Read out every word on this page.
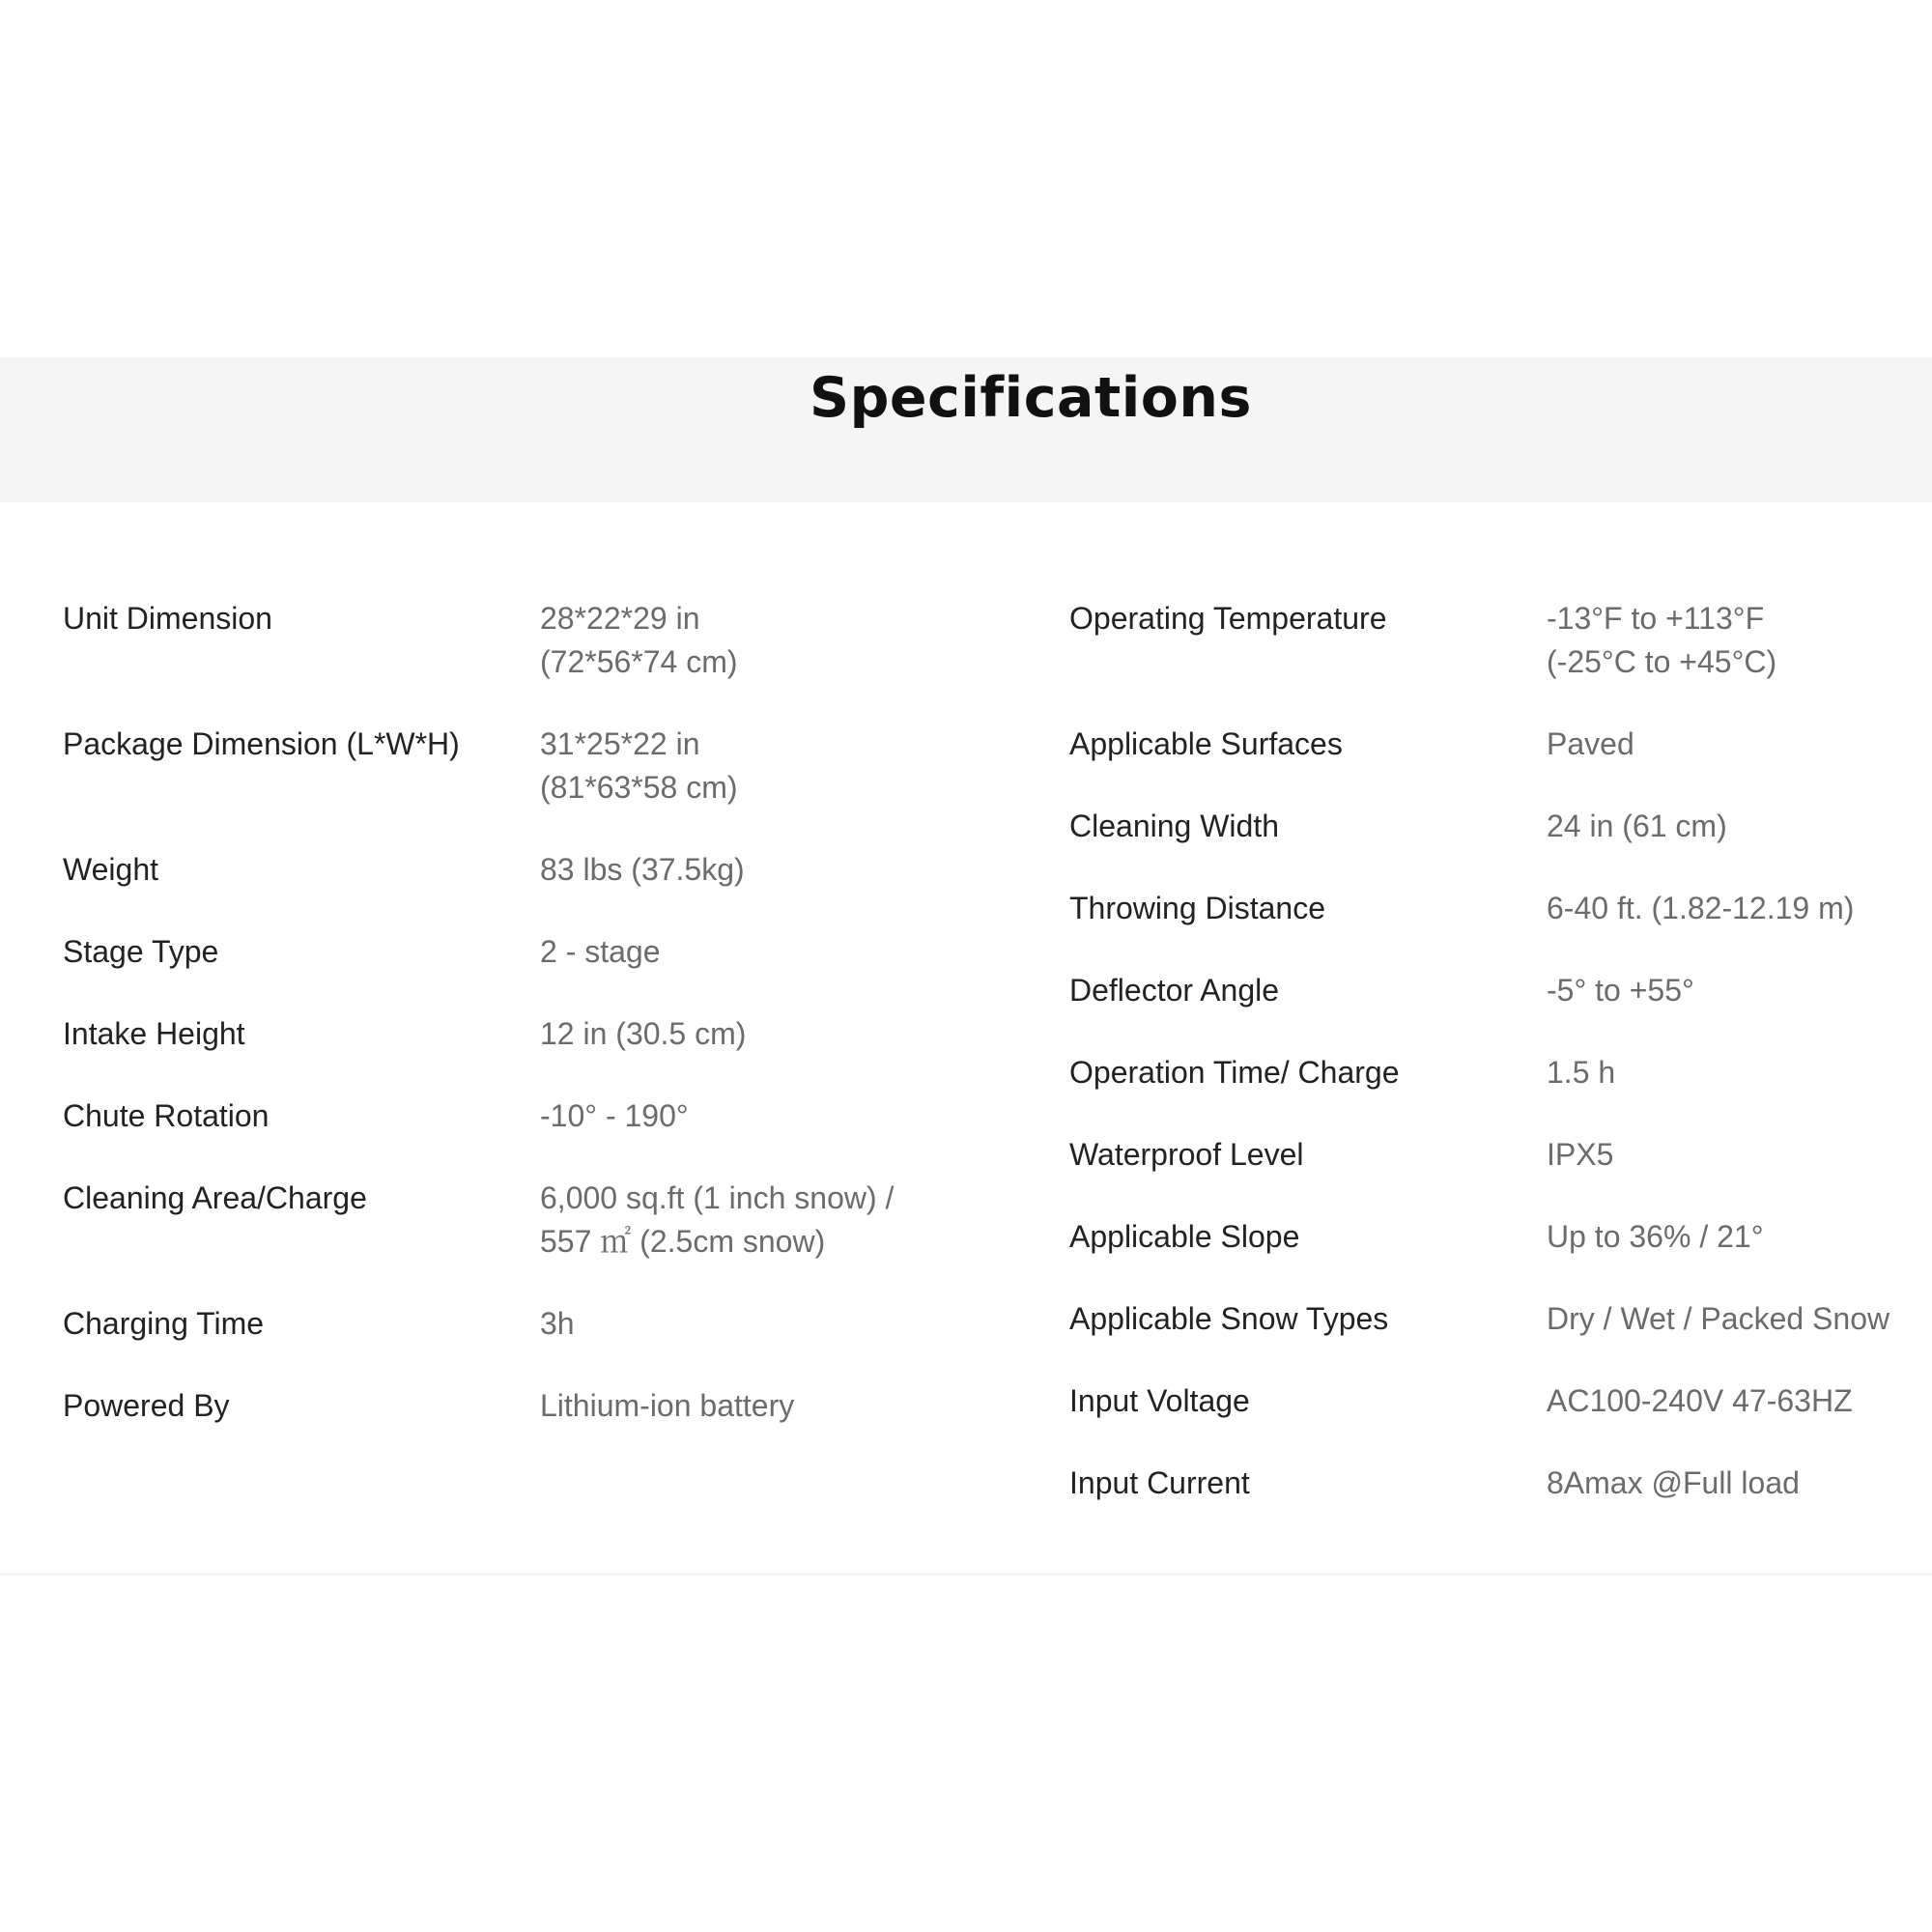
Specifications
Unit Dimension	28*22*29 in
(72*56*74 cm)
Package Dimension (L*W*H)	31*25*22 in
(81*63*58 cm)
Weight	83 lbs (37.5kg)
Stage Type	2 - stage
Intake Height	12 in (30.5 cm)
Chute Rotation	-10° - 190°
Cleaning Area/Charge	6,000 sq.ft (1 inch snow) /
557 ㎡ (2.5cm snow)
Charging Time	3h
Powered By	Lithium-ion battery
Operating Temperature	-13°F to +113°F
(-25°C to +45°C)
Applicable Surfaces	Paved
Cleaning Width	24 in (61 cm)
Throwing Distance	6-40 ft. (1.82-12.19 m)
Deflector Angle	-5° to +55°
Operation Time/ Charge	1.5 h
Waterproof Level	IPX5
Applicable Slope	Up to 36% / 21°
Applicable Snow Types	Dry / Wet / Packed Snow
Input Voltage	AC100-240V 47-63HZ
Input Current	8Amax @Full load
